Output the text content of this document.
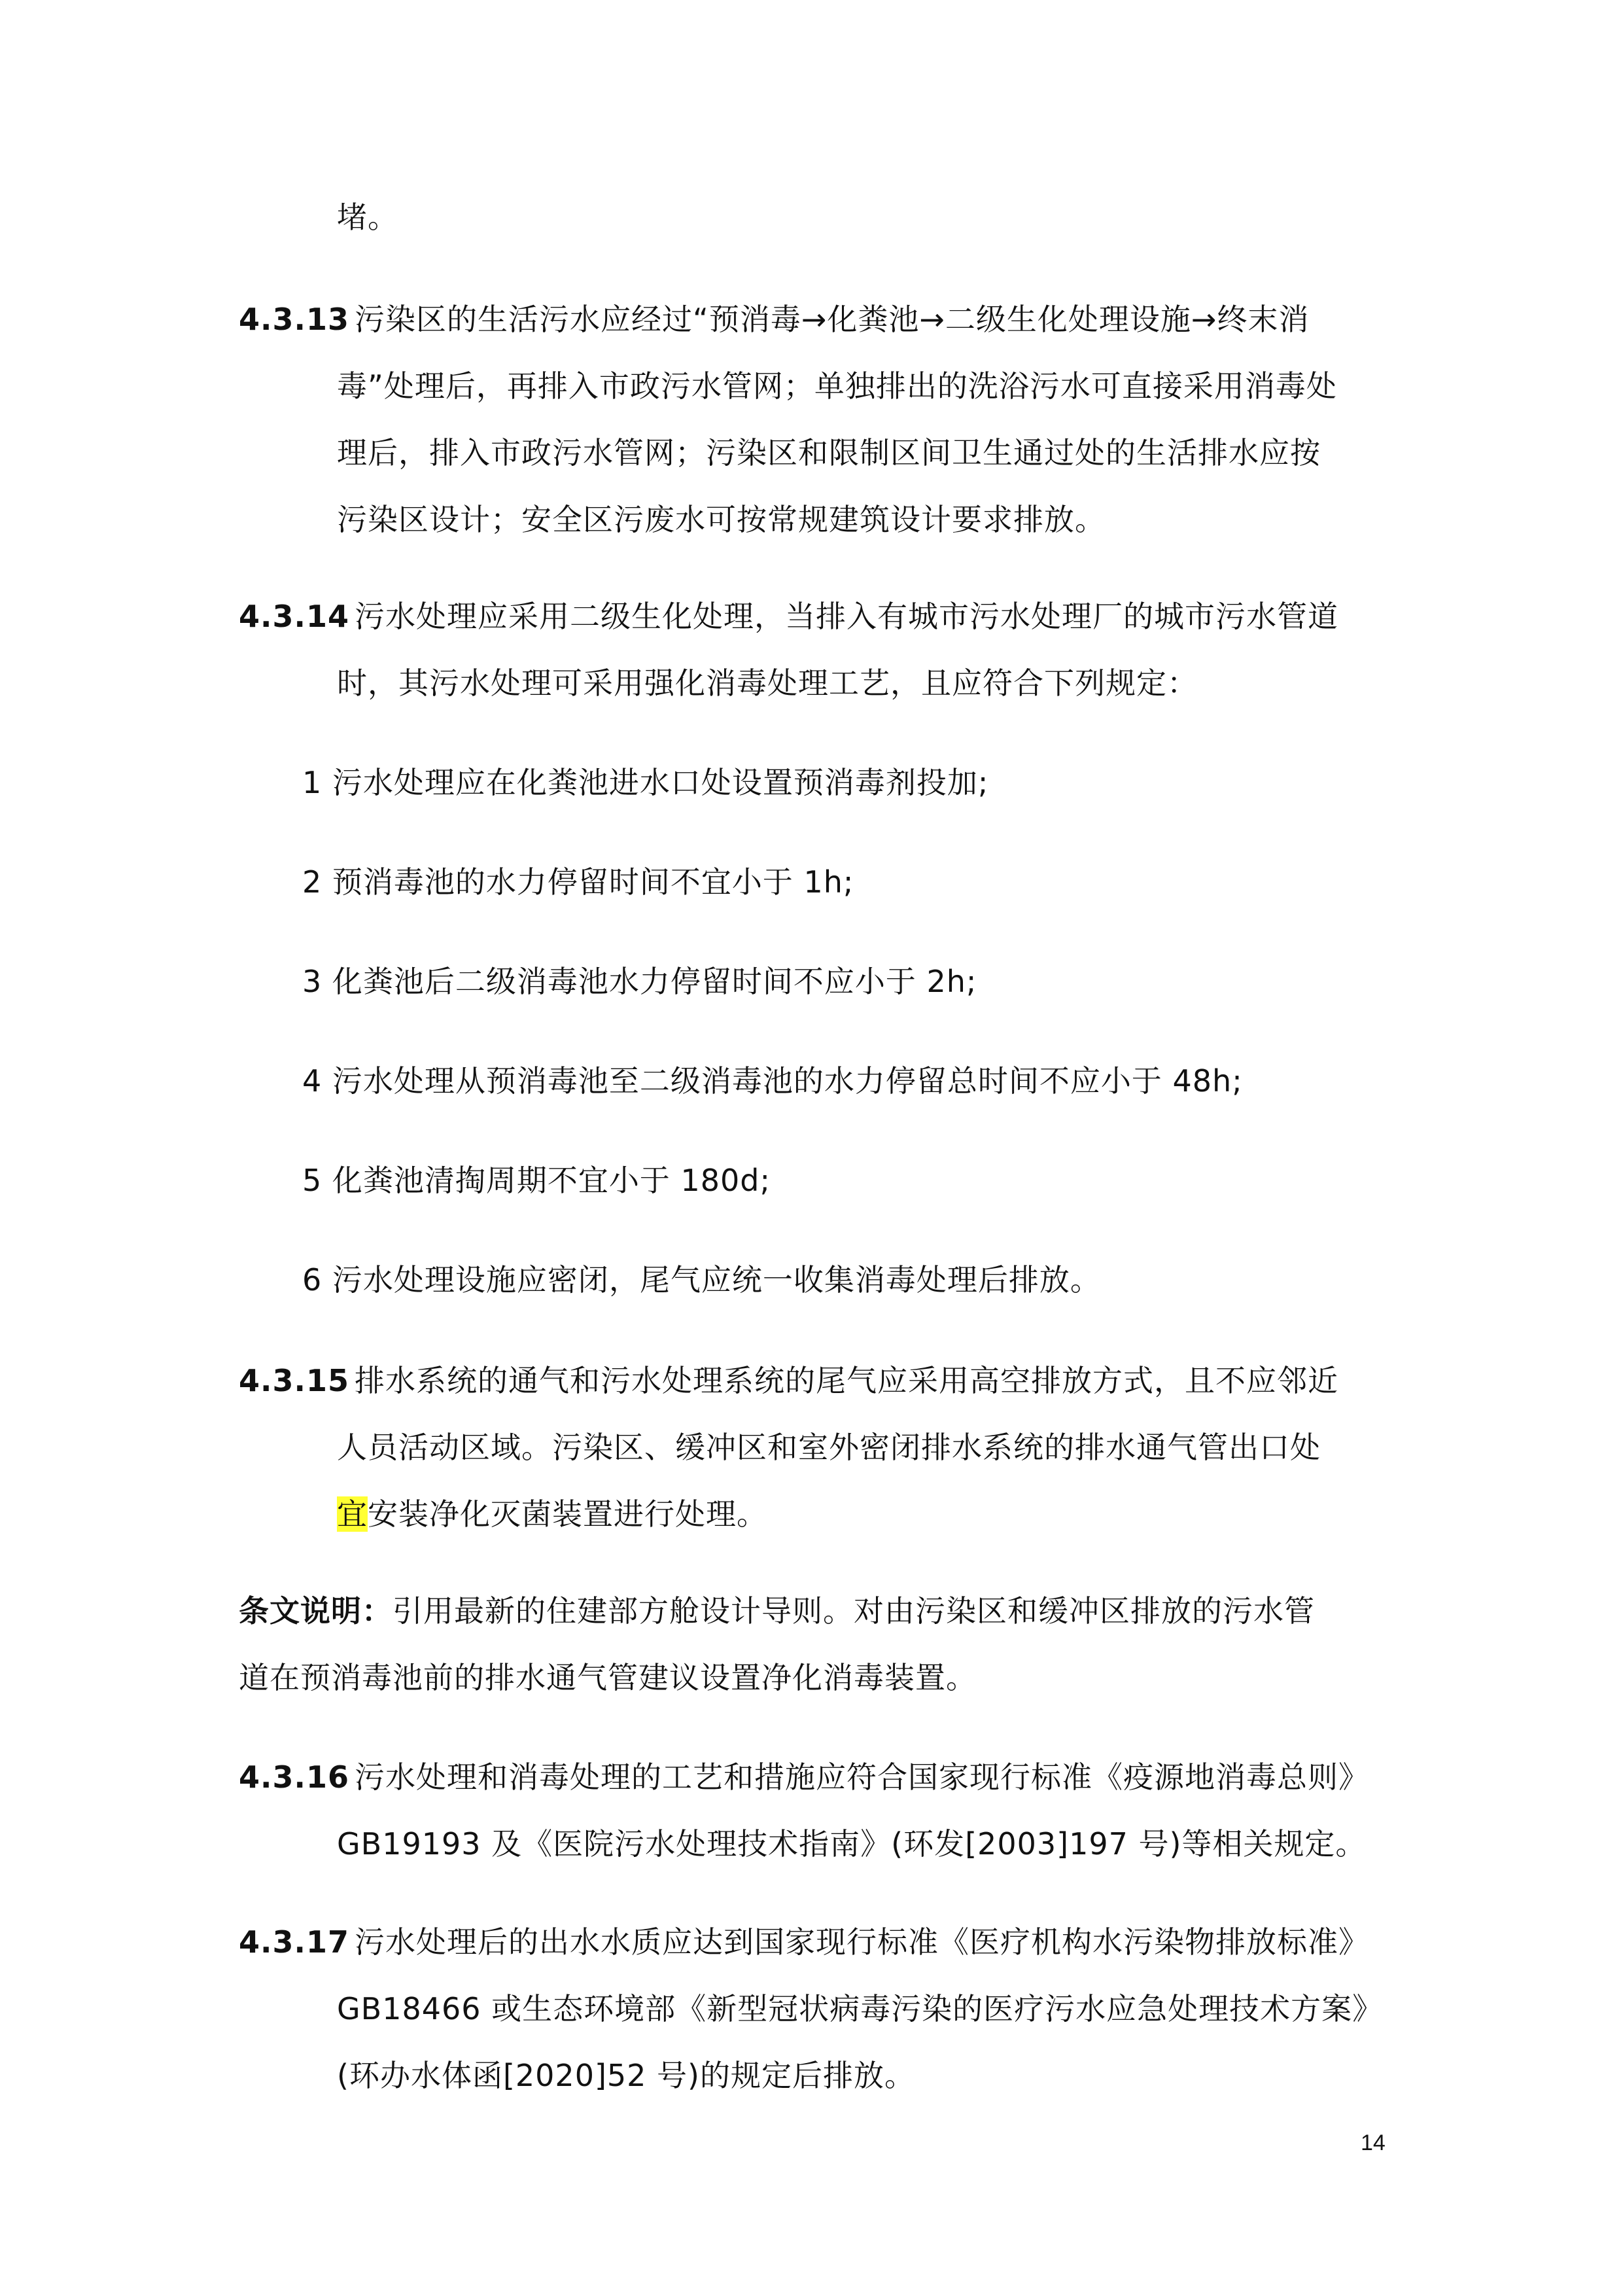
堵。
4.3.13 污染区的生活污水应经过“预消毒→化粪池→二级生化处理设施→终末消
毒”处理后，再排入市政污水管网；单独排出的洗浴污水可直接采用消毒处
理后，排入市政污水管网；污染区和限制区间卫生通过处的生活排水应按
污染区设计；安全区污废水可按常规建筑设计要求排放。
4.3.14 污水处理应采用二级生化处理，当排入有城市污水处理厂的城市污水管道
时，其污水处理可采用强化消毒处理工艺，且应符合下列规定：
1 污水处理应在化粪池进水口处设置预消毒剂投加;
2 预消毒池的水力停留时间不宜小于 1h;
3 化粪池后二级消毒池水力停留时间不应小于 2h;
4 污水处理从预消毒池至二级消毒池的水力停留总时间不应小于 48h;
5 化粪池清掏周期不宜小于 180d;
6 污水处理设施应密闭，尾气应统一收集消毒处理后排放。
4.3.15 排水系统的通气和污水处理系统的尾气应采用高空排放方式，且不应邻近
人员活动区域。污染区、缓冲区和室外密闭排水系统的排水通气管出口处
宜安装净化灭菌装置进行处理。
条文说明：引用最新的住建部方舱设计导则。对由污染区和缓冲区排放的污水管
道在预消毒池前的排水通气管建议设置净化消毒装置。
4.3.16 污水处理和消毒处理的工艺和措施应符合国家现行标准《疫源地消毒总则》
GB19193 及《医院污水处理技术指南》(环发[2003]197 号)等相关规定。
4.3.17 污水处理后的出水水质应达到国家现行标准《医疗机构水污染物排放标准》
GB18466 或生态环境部《新型冠状病毒污染的医疗污水应急处理技术方案》
(环办水体函[2020]52 号)的规定后排放。
14
